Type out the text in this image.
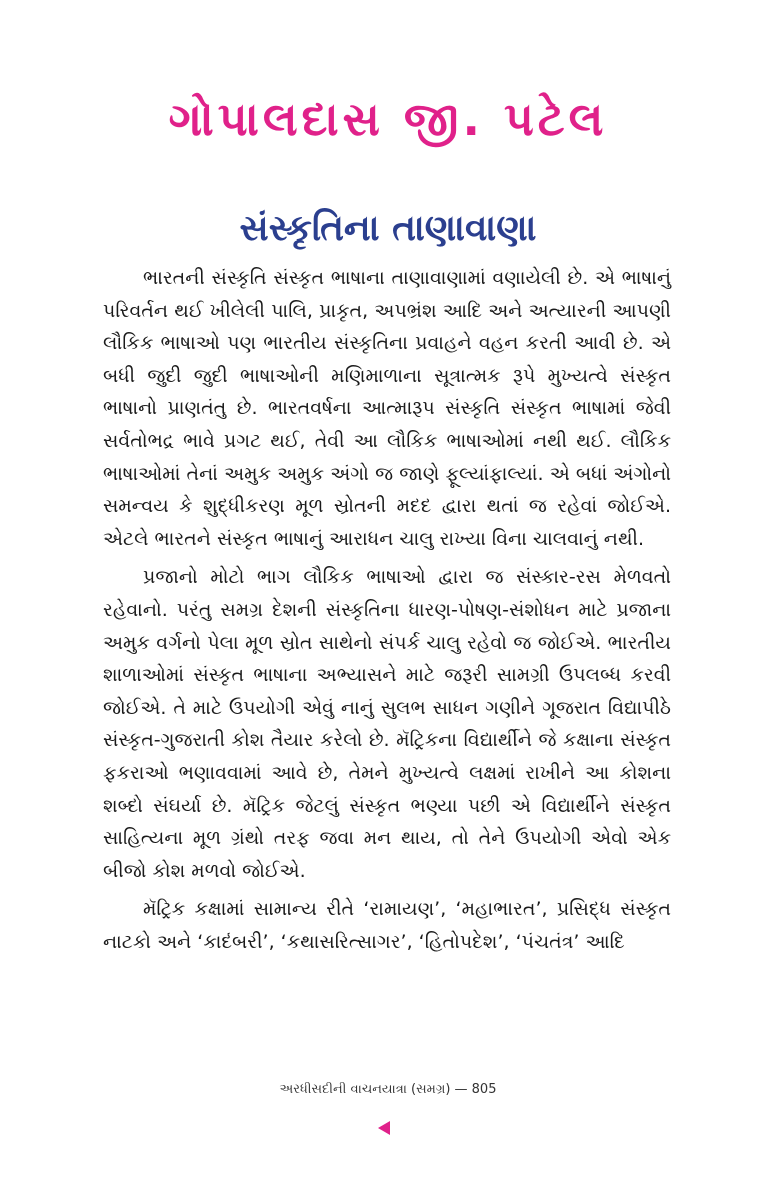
ગોપાલદાસ જી. પટેલ
સંસ્કૃતિના તાણાવાણા

ભારતની સંસ્કૃતિ સંસ્કૃત ભાષાના તાણાવાણામાં વણાયેલી છે. એ ભાષાનું પરિવર્તન થઈ ખીલેલી પાલિ, પ્રાકૃત, અપભ્રંશ આદિ અને અત્યારની આપણી લૌકિક ભાષાઓ પણ ભારતીય સંસ્કૃતિના પ્રવાહને વહન કરતી આવી છે. એ બધી જુદી જુદી ભાષાઓની મણિમાળાના સૂત્રાત્મક રૂપે મુખ્યત્વે સંસ્કૃત ભાષાનો પ્રાણતંતુ છે. ભારતવર્ષના આત્મારૂપ સંસ્કૃતિ સંસ્કૃત ભાષામાં જેવી સર્વતોભદ્ર ભાવે પ્રગટ થઈ, તેવી આ લૌકિક ભાષાઓમાં નથી થઈ. લૌકિક ભાષાઓમાં તેનાં અમુક અમુક અંગો જ જાણે ફૂલ્યાંફાલ્યાં. એ બધાં અંગોનો સમન્વય કે શુદ્ધીકરણ મૂળ સ્રોતની મદદ દ્વારા થતાં જ રહેવાં જોઈએ. એટલે ભારતને સંસ્કૃત ભાષાનું આરાધન ચાલુ રાખ્યા વિના ચાલવાનું નથી.

પ્રજાનો મોટો ભાગ લૌકિક ભાષાઓ દ્વારા જ સંસ્કાર-રસ મેળવતો રહેવાનો. પરંતુ સમગ્ર દેશની સંસ્કૃતિના ધારણ-પોષણ-સંશોધન માટે પ્રજાના અમુક વર્ગનો પેલા મૂળ સ્રોત સાથેનો સંપર્ક ચાલુ રહેવો જ જોઈએ. ભારતીય શાળાઓમાં સંસ્કૃત ભાષાના અભ્યાસને માટે જરૂરી સામગ્રી ઉપલબ્ધ કરવી જોઈએ. તે માટે ઉપયોગી એવું નાનું સુલભ સાધન ગણીને ગૂજરાત વિદ્યાપીઠે સંસ્કૃત-ગુજરાતી કોશ તૈયાર કરેલો છે. મૅટ્રિકના વિદ્યાર્થીને જે કક્ષાના સંસ્કૃત ફકરાઓ ભણાવવામાં આવે છે, તેમને મુખ્યત્વે લક્ષમાં રાખીને આ કોશના શબ્દો સંઘર્યા છે. મૅટ્રિક જેટલું સંસ્કૃત ભણ્યા પછી એ વિદ્યાર્થીને સંસ્કૃત સાહિત્યના મૂળ ગ્રંથો તરફ જવા મન થાય, તો તેને ઉપયોગી એવો એક બીજો કોશ મળવો જોઈએ.

મૅટ્રિક કક્ષામાં સામાન્ય રીતે ‘રામાયણ’, ‘મહાભારત’, પ્રસિદ્ધ સંસ્કૃત નાટકો અને ‘કાદંબરી’, ‘કથાસરિત્સાગર’, ‘હિતોપદેશ’, ‘પંચતંત્ર’ આદિ

અરધીસદીની વાચનયાત્રા (સમગ્ર) — 805
